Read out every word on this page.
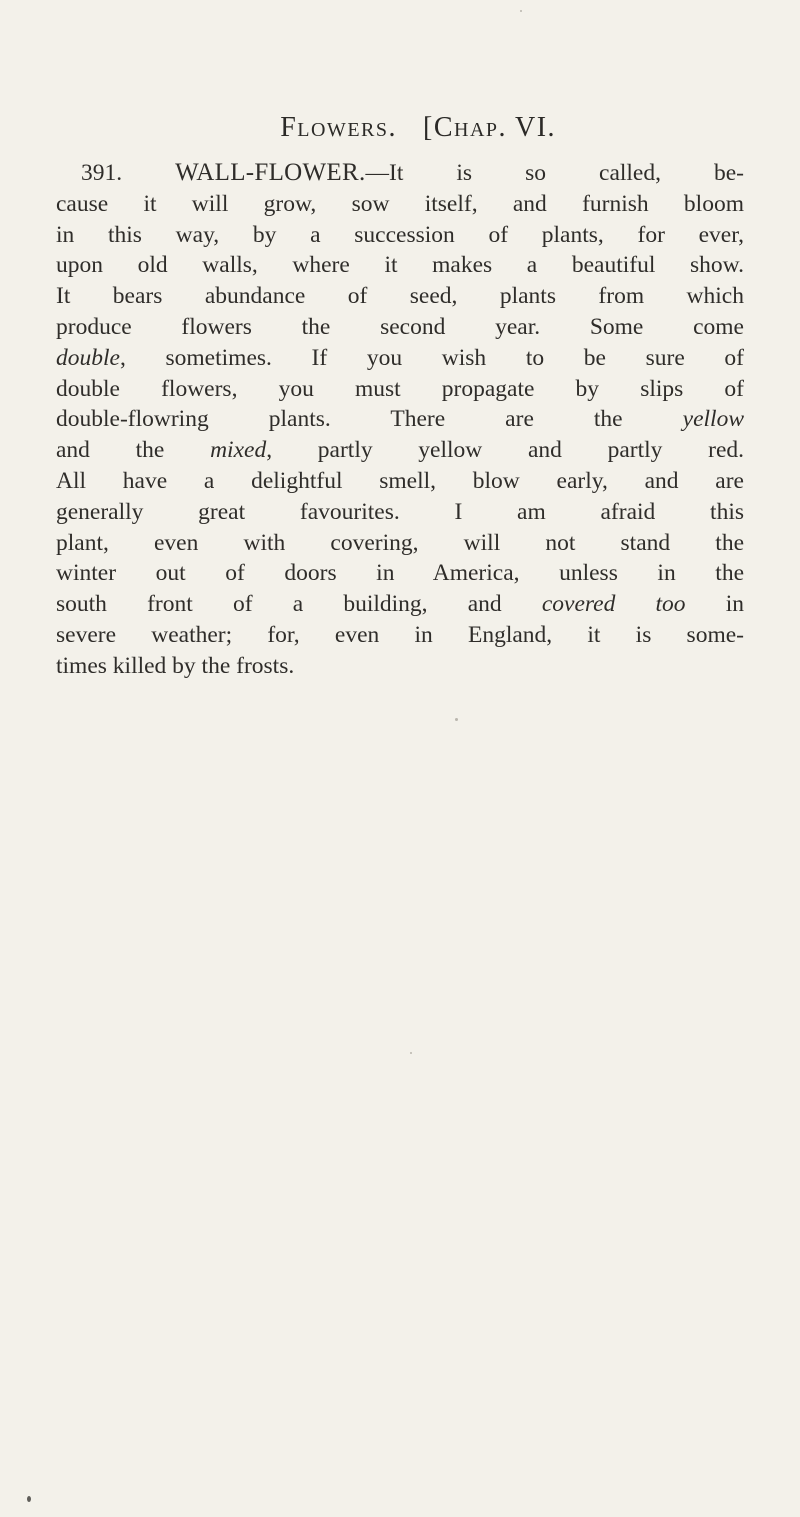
Flowers. [Chap. VI.
391. WALL-FLOWER.—It is so called, be-
cause it will grow, sow itself, and furnish bloom
in this way, by a succession of plants, for ever,
upon old walls, where it makes a beautiful show.
It bears abundance of seed, plants from which
produce flowers the second year. Some come
double, sometimes. If you wish to be sure of
double flowers, you must propagate by slips of
double-flowring plants. There are the	yellow
and the mixed, partly yellow and partly red.
All have a delightful smell, blow early, and are
generally great favourites. I am afraid this
plant, even with covering, will not stand the
winter out of doors in America, unless in the
south front of a building, and covered too in
severe weather; for, even in England, it is some-
times killed by the frosts.
